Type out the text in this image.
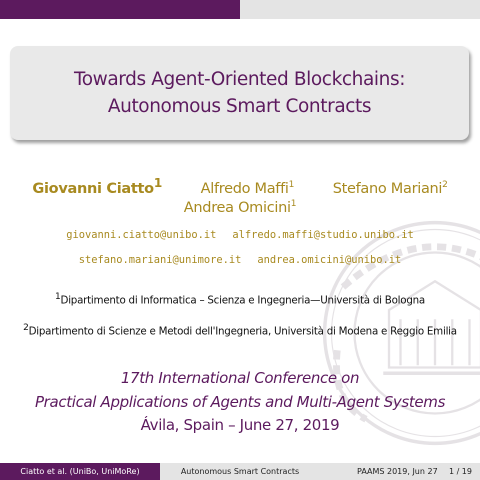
Towards Agent-Oriented Blockchains:
Autonomous Smart Contracts
Giovanni Ciatto$^1$	Alfredo Maffi$^1$	Stefano Mariani$^2$
Andrea Omicini$^1$
giovanni.ciatto@unibo.it alfredo.maffi@studio.unibo.it
stefano.mariani@unimore.it andrea.omicini@unibo.it
$^1$Dipartimento di Informatica – Scienza e Ingegneria—Università di Bologna
$^2$Dipartimento di Scienze e Metodi dell'Ingegneria, Università di Modena e Reggio Emilia
17th International Conference on
Practical Applications of Agents and Multi-Agent Systems
Ávila, Spain – June 27, 2019
Ciatto et al. (UniBo, UniMoRe)	Autonomous Smart Contracts	PAAMS 2019, Jun 27 1 / 19
